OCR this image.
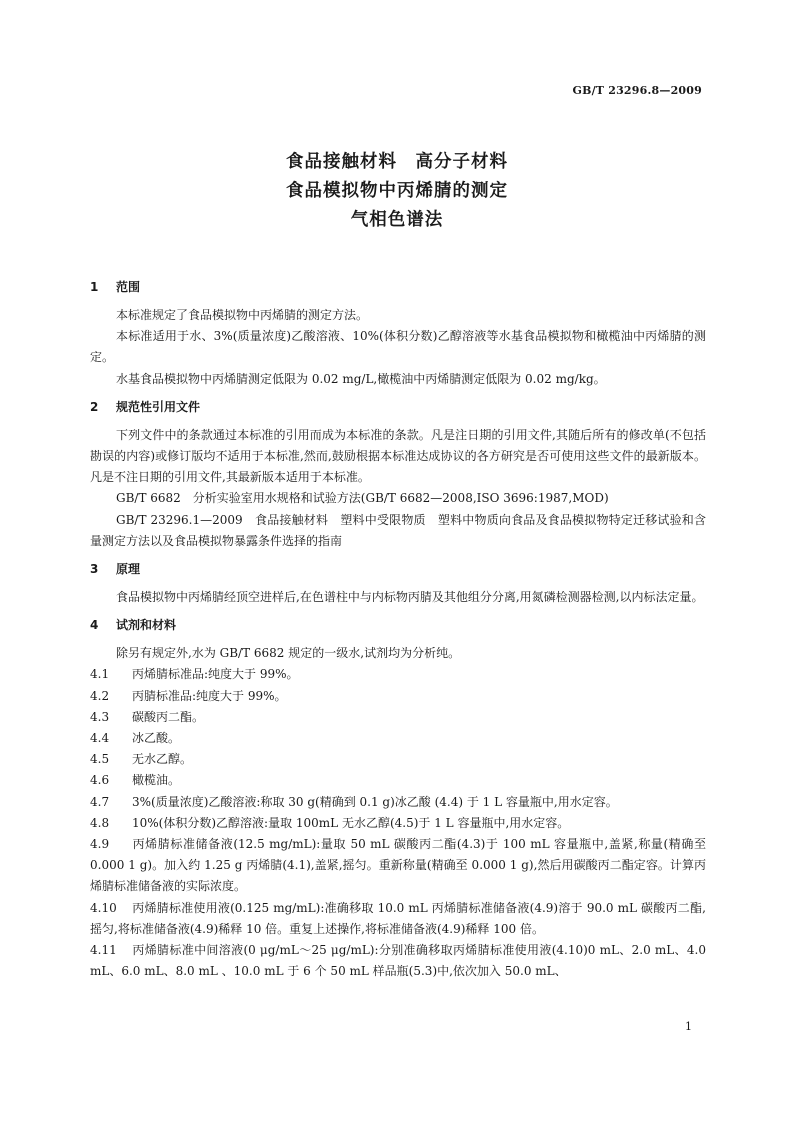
GB/T 23296.8—2009
食品接触材料　高分子材料
食品模拟物中丙烯腈的测定
气相色谱法
1 范围

本标准规定了食品模拟物中丙烯腈的测定方法。

本标准适用于水、3%(质量浓度)乙酸溶液、10%(体积分数)乙醇溶液等水基食品模拟物和橄榄油中丙烯腈的测定。

水基食品模拟物中丙烯腈测定低限为 0.02 mg/L,橄榄油中丙烯腈测定低限为 0.02 mg/kg。

2 规范性引用文件

下列文件中的条款通过本标准的引用而成为本标准的条款。凡是注日期的引用文件,其随后所有的修改单(不包括勘误的内容)或修订版均不适用于本标准,然而,鼓励根据本标准达成协议的各方研究是否可使用这些文件的最新版本。凡是不注日期的引用文件,其最新版本适用于本标准。

GB/T 6682　分析实验室用水规格和试验方法(GB/T 6682—2008,ISO 3696:1987,MOD)

GB/T 23296.1—2009　食品接触材料　塑料中受限物质　塑料中物质向食品及食品模拟物特定迁移试验和含量测定方法以及食品模拟物暴露条件选择的指南

3 原理

食品模拟物中丙烯腈经顶空进样后,在色谱柱中与内标物丙腈及其他组分分离,用氮磷检测器检测,以内标法定量。

4 试剂和材料

除另有规定外,水为 GB/T 6682 规定的一级水,试剂均为分析纯。

4.1 丙烯腈标准品:纯度大于 99%。

4.2 丙腈标准品:纯度大于 99%。

4.3 碳酸丙二酯。

4.4 冰乙酸。

4.5 无水乙醇。

4.6 橄榄油。

4.7 3%(质量浓度)乙酸溶液:称取 30 g(精确到 0.1 g)冰乙酸 (4.4) 于 1 L 容量瓶中,用水定容。

4.8 10%(体积分数)乙醇溶液:量取 100mL 无水乙醇(4.5)于 1 L 容量瓶中,用水定容。

4.9 丙烯腈标准储备液(12.5 mg/mL):量取 50 mL 碳酸丙二酯(4.3)于 100 mL 容量瓶中,盖紧,称量(精确至 0.000 1 g)。加入约 1.25 g 丙烯腈(4.1),盖紧,摇匀。重新称量(精确至 0.000 1 g),然后用碳酸丙二酯定容。计算丙烯腈标准储备液的实际浓度。

4.10 丙烯腈标准使用液(0.125 mg/mL):准确移取 10.0 mL 丙烯腈标准储备液(4.9)溶于 90.0 mL 碳酸丙二酯,摇匀,将标准储备液(4.9)稀释 10 倍。重复上述操作,将标准储备液(4.9)稀释 100 倍。

4.11 丙烯腈标准中间溶液(0 μg/mL～25 μg/mL):分别准确移取丙烯腈标准使用液(4.10)0 mL、2.0 mL、4.0 mL、6.0 mL、8.0 mL 、10.0 mL 于 6 个 50 mL 样品瓶(5.3)中,依次加入 50.0 mL、

1
